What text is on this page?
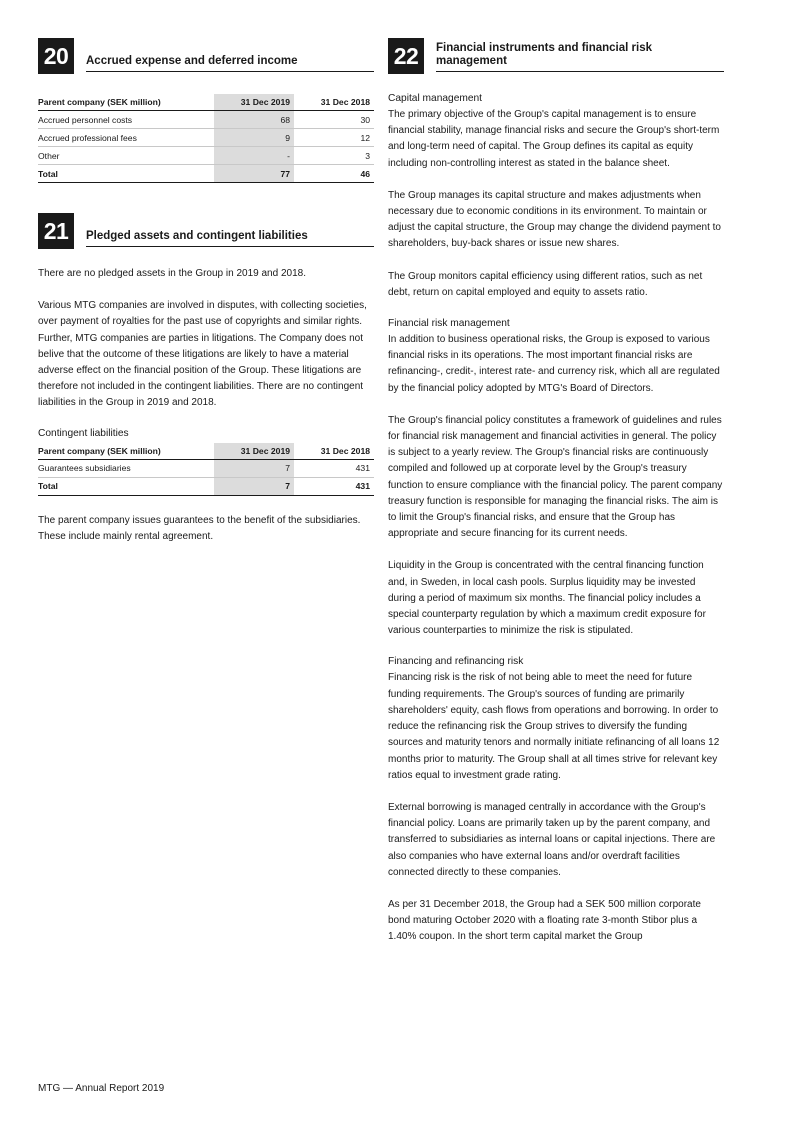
20	Accrued expense and deferred income
Parent company (SEK million)	31 Dec 2019	31 Dec 2018
Accrued personnel costs	68	30
Accrued professional fees	9	12
Other	-	3
Total	77	46
21	Pledged assets and contingent liabilities

There are no pledged assets in the Group in 2019 and 2018.

Various MTG companies are involved in disputes, with collecting societies, over payment of royalties for the past use of copyrights and similar rights. Further, MTG companies are parties in litigations. The Company does not belive that the outcome of these litigations are likely to have a material adverse effect on the financial position of the Group. These litigations are therefore not included in the contingent liabilities. There are no contingent liabilities in the Group in 2019 and 2018.

Contingent liabilities

Parent company (SEK million)	31 Dec 2019	31 Dec 2018
Guarantees subsidiaries	7	431
Total	7	431

The parent company issues guarantees to the benefit of the subsidiaries. These include mainly rental agreement.

22	Financial instruments and financial risk management

Capital management

The primary objective of the Group's capital management is to ensure financial stability, manage financial risks and secure the Group's short-term and long-term need of capital. The Group defines its capital as equity including non-controlling interest as stated in the balance sheet.

The Group manages its capital structure and makes adjustments when necessary due to economic conditions in its environment. To maintain or adjust the capital structure, the Group may change the dividend payment to shareholders, buy-back shares or issue new shares.

The Group monitors capital efficiency using different ratios, such as net debt, return on capital employed and equity to assets ratio.

Financial risk management

In addition to business operational risks, the Group is exposed to various financial risks in its operations. The most important financial risks are refinancing-, credit-, interest rate- and currency risk, which all are regulated by the financial policy adopted by MTG's Board of Directors.

The Group's financial policy constitutes a framework of guidelines and rules for financial risk management and financial activities in general. The policy is subject to a yearly review. The Group's financial risks are continuously compiled and followed up at corporate level by the Group's treasury function to ensure compliance with the financial policy. The parent company treasury function is responsible for managing the financial risks. The aim is to limit the Group's financial risks, and ensure that the Group has appropriate and secure financing for its current needs.

Liquidity in the Group is concentrated with the central financing function and, in Sweden, in local cash pools. Surplus liquidity may be invested during a period of maximum six months. The financial policy includes a special counterparty regulation by which a maximum credit exposure for various counterparties to minimize the risk is stipulated.

Financing and refinancing risk

Financing risk is the risk of not being able to meet the need for future funding requirements. The Group's sources of funding are primarily shareholders' equity, cash flows from operations and borrowing. In order to reduce the refinancing risk the Group strives to diversify the funding sources and maturity tenors and normally initiate refinancing of all loans 12 months prior to maturity. The Group shall at all times strive for relevant key ratios equal to investment grade rating.

External borrowing is managed centrally in accordance with the Group's financial policy. Loans are primarily taken up by the parent company, and transferred to subsidiaries as internal loans or capital injections. There are also companies who have external loans and/or overdraft facilities connected directly to these companies.

As per 31 December 2018, the Group had a SEK 500 million corporate bond maturing October 2020 with a floating rate 3-month Stibor plus a 1.40% coupon. In the short term capital market the Group

MTG — Annual Report 2019
